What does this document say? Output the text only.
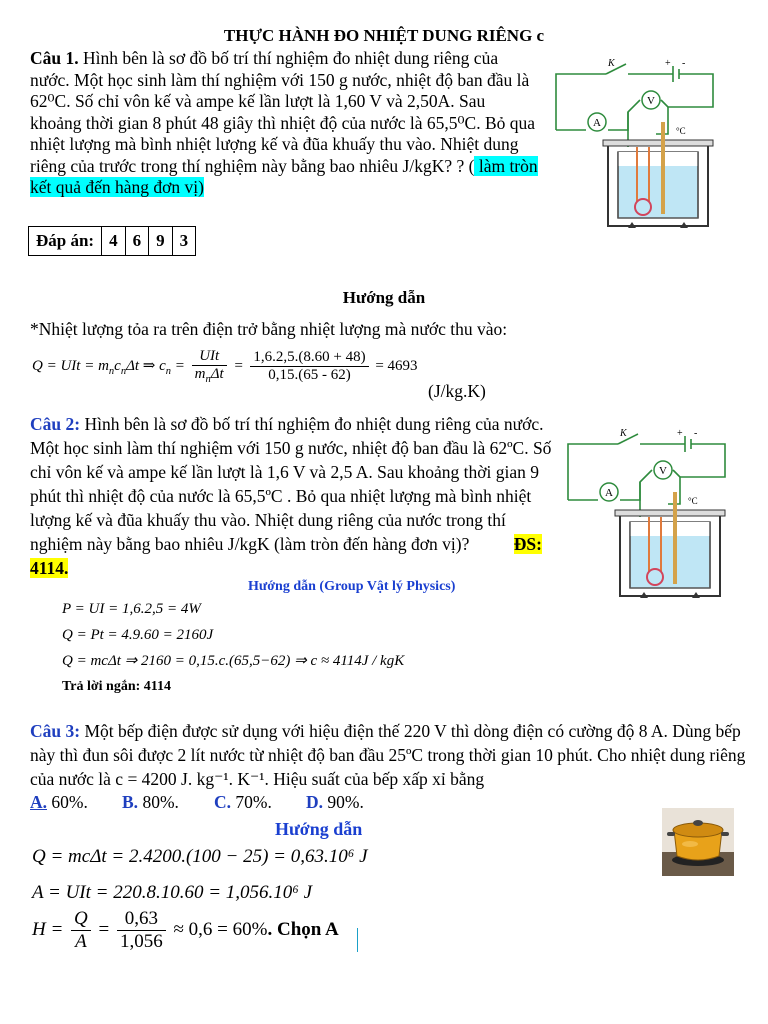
THỰC HÀNH ĐO NHIỆT DUNG RIÊNG c
Câu 1. Hình bên là sơ đồ bố trí thí nghiệm đo nhiệt dung riêng của nước. Một học sinh làm thí nghiệm với 150 g nước, nhiệt độ ban đầu là 62⁰C. Số chỉ vôn kế và ampe kế lần lượt là 1,60 V và 2,50A. Sau khoảng thời gian 8 phút 48 giây thì nhiệt độ của nước là 65,5⁰C. Bỏ qua nhiệt lượng mà bình nhiệt lượng kế và đũa khuấy thu vào. Nhiệt dung riêng của trước trong thí nghiệm này bằng bao nhiêu J/kgK? ? ( làm tròn kết quả đến hàng đơn vị)
V
A
K	+ -
°C
Đáp án:	4	6	9	3
Hướng dẫn
*Nhiệt lượng tỏa ra trên điện trở bằng nhiệt lượng mà nước thu vào:
Q = UIt = $m_nc_n\Delta t$ ⇒ $c_n = \frac{\text{UIt}}{m_n\Delta t} = \frac{1,6.2,5.(8.60 + 48)}{0,15.(65 - 62)} = 4693$
(J/kg.K)
Câu 2: Hình bên là sơ đồ bố trí thí nghiệm đo nhiệt dung riêng của nước. Một học sinh làm thí nghiệm với 150 g nước, nhiệt độ ban đầu là 62ºC. Số chỉ vôn kế và ampe kế lần lượt là 1,6 V và 2,5 A. Sau khoảng thời gian 9 phút thì nhiệt độ của nước là 65,5ºC . Bỏ qua nhiệt lượng mà bình nhiệt lượng kế và đũa khuấy thu vào. Nhiệt dung riêng của nước trong thí nghiệm này bằng bao nhiêu J/kgK (làm tròn đến hàng đơn vị)?	ĐS: 4114.
V
A
K	+ -
°C
Hướng dẫn (Group Vật lý Physics)
P = UI = 1,6.2,5 = 4W
Q = Pt = 4.9.60 = 2160J
Q = mcΔt ⇒ 2160 = 0,15.c.(65,5−62) ⇒ c ≈ 4114J / kgK
Trả lời ngắn: 4114
Câu 3: Một bếp điện được sử dụng với hiệu điện thế 220 V thì dòng điện có cường độ 8 A. Dùng bếp này thì đun sôi được 2 lít nước từ nhiệt độ ban đầu 25ºC trong thời gian 10 phút. Cho nhiệt dung riêng của nước là c = 4200 J. kg⁻¹. K⁻¹. Hiệu suất của bếp xấp xỉ bằng
A. 60%. B. 80%. C. 70%. D. 90%.
Hướng dẫn
Q = mcΔt = 2.4200.(100 − 25) = 0,63.10⁶ J
A = UIt = 220.8.10.60 = 1,056.10⁶ J
$H = \frac{Q}{A} = \frac{0,63}{1,056} \approx 0,6 = 60\%$. Chọn A
